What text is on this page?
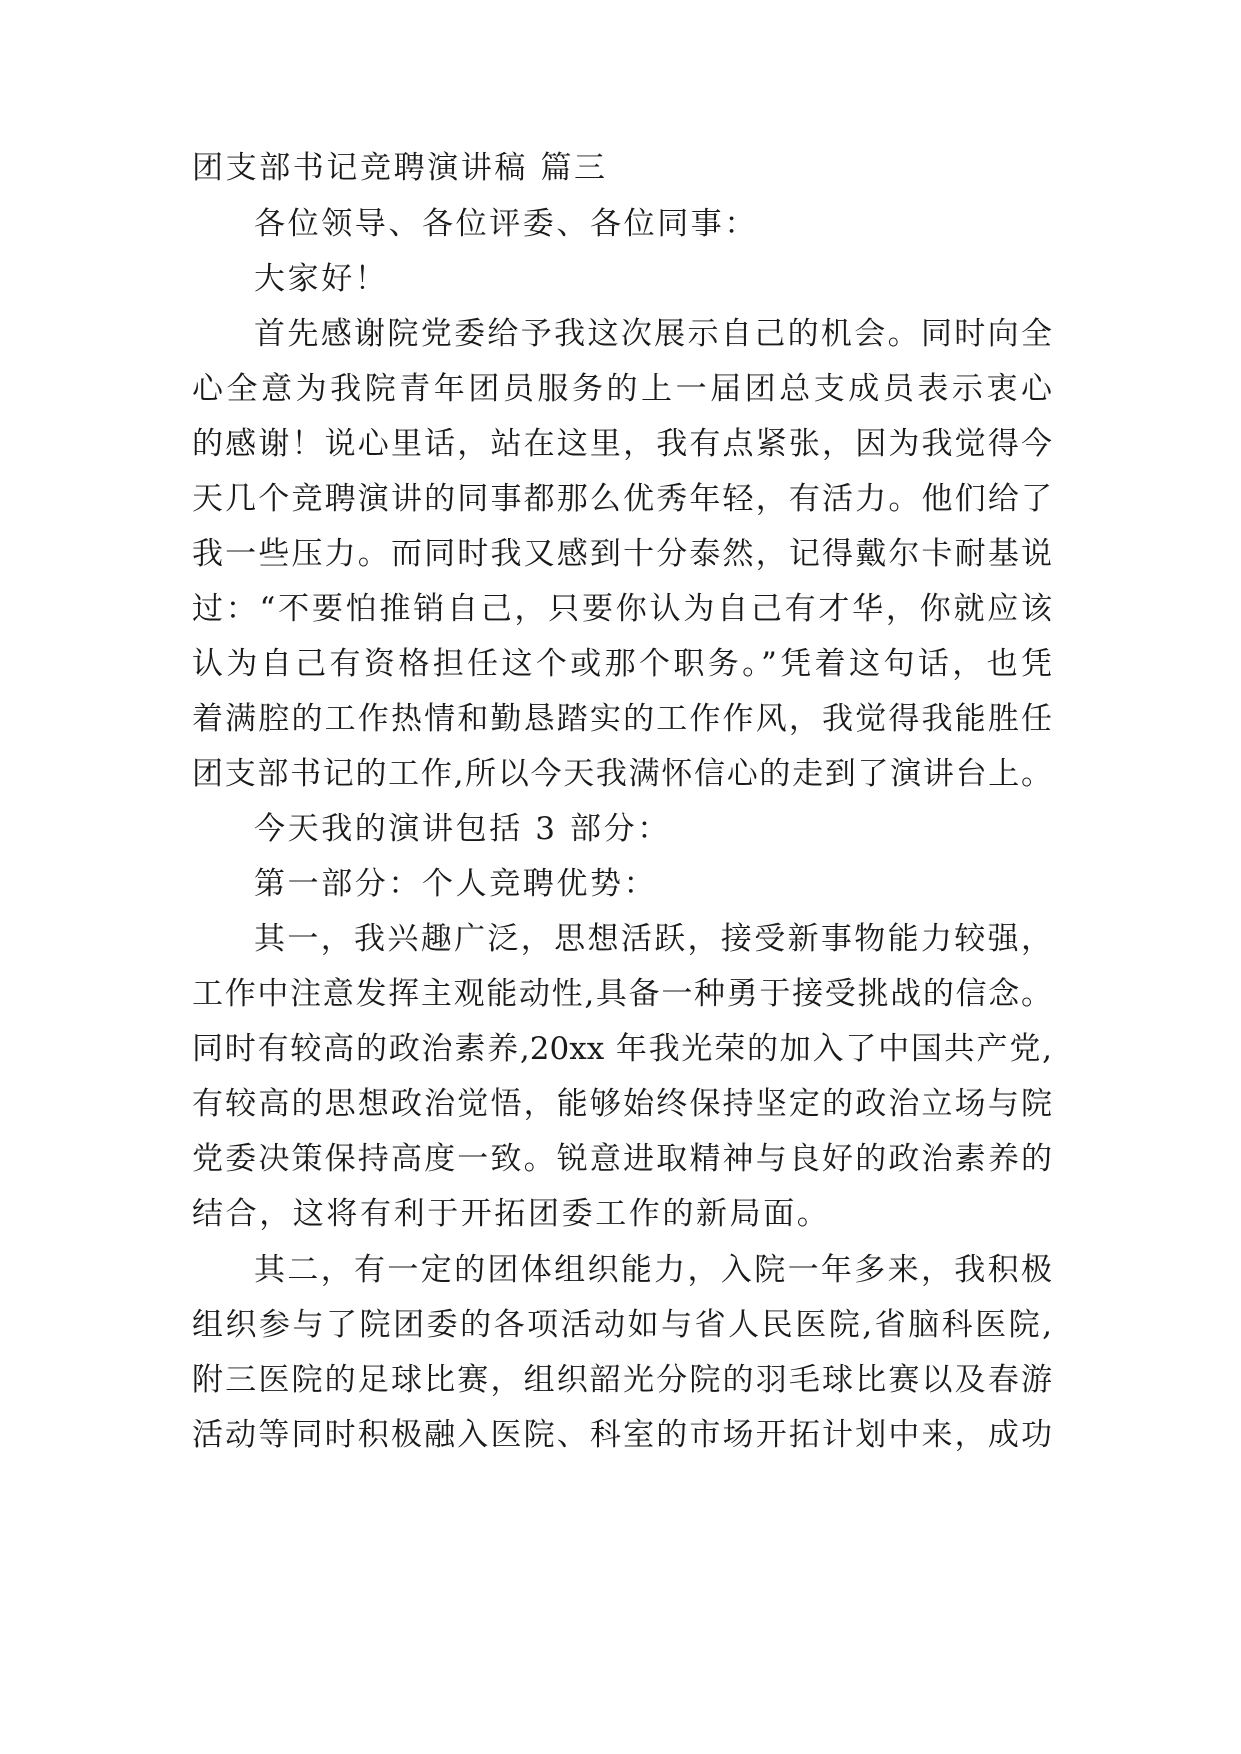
团支部书记竞聘演讲稿 篇三
各位领导、各位评委、各位同事：
大家好！
首先感谢院党委给予我这次展示自己的机会。同时向全
心全意为我院青年团员服务的上一届团总支成员表示衷心
的感谢！说心里话，站在这里，我有点紧张，因为我觉得今
天几个竞聘演讲的同事都那么优秀年轻，有活力。他们给了
我一些压力。而同时我又感到十分泰然，记得戴尔卡耐基说
过：“不要怕推销自己，只要你认为自己有才华，你就应该
认为自己有资格担任这个或那个职务。”凭着这句话，也凭
着满腔的工作热情和勤恳踏实的工作作风，我觉得我能胜任
团支部书记的工作,所以今天我满怀信心的走到了演讲台上。
今天我的演讲包括 3 部分：
第一部分：个人竞聘优势：
其一，我兴趣广泛，思想活跃，接受新事物能力较强，
工作中注意发挥主观能动性,具备一种勇于接受挑战的信念。
同时有较高的政治素养,20xx 年我光荣的加入了中国共产党,
有较高的思想政治觉悟，能够始终保持坚定的政治立场与院
党委决策保持高度一致。锐意进取精神与良好的政治素养的
结合，这将有利于开拓团委工作的新局面。
其二，有一定的团体组织能力，入院一年多来，我积极
组织参与了院团委的各项活动如与省人民医院,省脑科医院,
附三医院的足球比赛，组织韶光分院的羽毛球比赛以及春游
活动等同时积极融入医院、科室的市场开拓计划中来，成功
